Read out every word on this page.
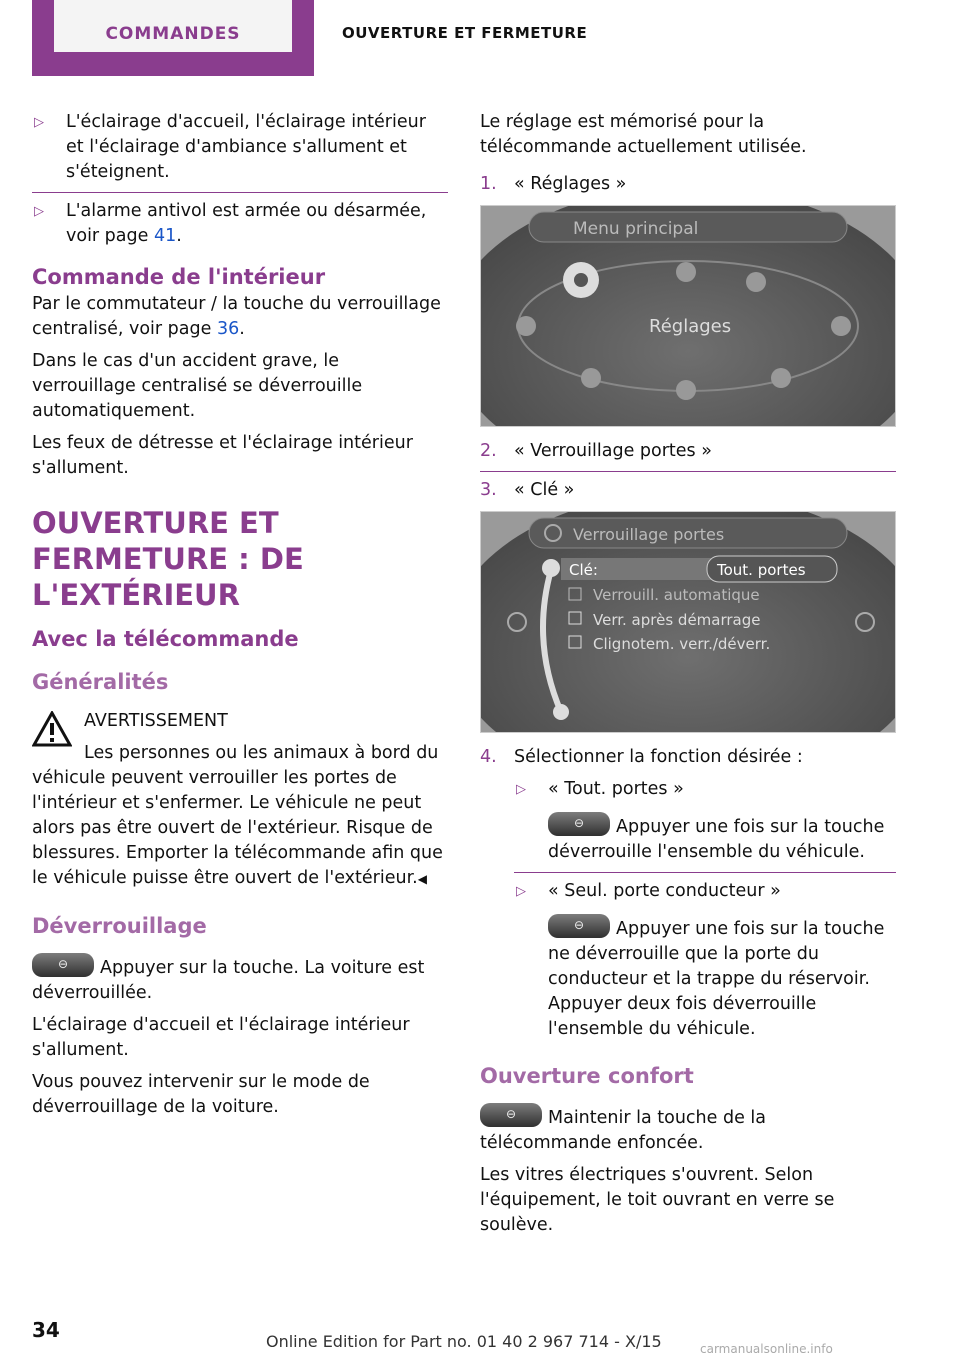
COMMANDES	OUVERTURE ET FERMETURE
▷ L'éclairage d'accueil, l'éclairage intérieur et l'éclairage d'ambiance s'allument et s'éteignent.
▷ L'alarme antivol est armée ou désarmée, voir page 41.
Commande de l'intérieur

Par le commutateur / la touche du verrouillage centralisé, voir page 36.

Dans le cas d'un accident grave, le verrouillage centralisé se déverrouille automatiquement.

Les feux de détresse et l'éclairage intérieur s'allument.

OUVERTURE ET FERMETURE : DE L'EXTÉRIEUR
Avec la télécommande
Généralités
AVERTISSEMENT

Les personnes ou les animaux à bord du véhicule peuvent verrouiller les portes de l'intérieur et s'enfermer. Le véhicule ne peut alors pas être ouvert de l'extérieur. Risque de blessures. Emporter la télécommande afin que le véhicule puisse être ouvert de l'extérieur.◀

Déverrouillage

⊖ Appuyer sur la touche. La voiture est déverrouillée.

L'éclairage d'accueil et l'éclairage intérieur s'allument.

Vous pouvez intervenir sur le mode de déverrouillage de la voiture.

Le réglage est mémorisé pour la télécommande actuellement utilisée.

1. « Réglages »
Menu principal
Réglages
2. « Verrouillage portes »
3. « Clé »
Verrouillage portes
Clé:	Tout. portes
Verrouill. automatique
Verr. après démarrage
Clignotem. verr./déverr.
4. Sélectionner la fonction désirée :
▷ « Tout. portes »
⊖ Appuyer une fois sur la touche déverrouille l'ensemble du véhicule.
▷ « Seul. porte conducteur »
⊖ Appuyer une fois sur la touche ne déverrouille que la porte du conducteur et la trappe du réservoir. Appuyer deux fois déverrouille l'ensemble du véhicule.
Ouverture confort

⊖ Maintenir la touche de la télécommande enfoncée.

Les vitres électriques s'ouvrent. Selon l'équipement, le toit ouvrant en verre se soulève.

34	Online Edition for Part no. 01 40 2 967 714 - X/15	carmanualsonline.info
